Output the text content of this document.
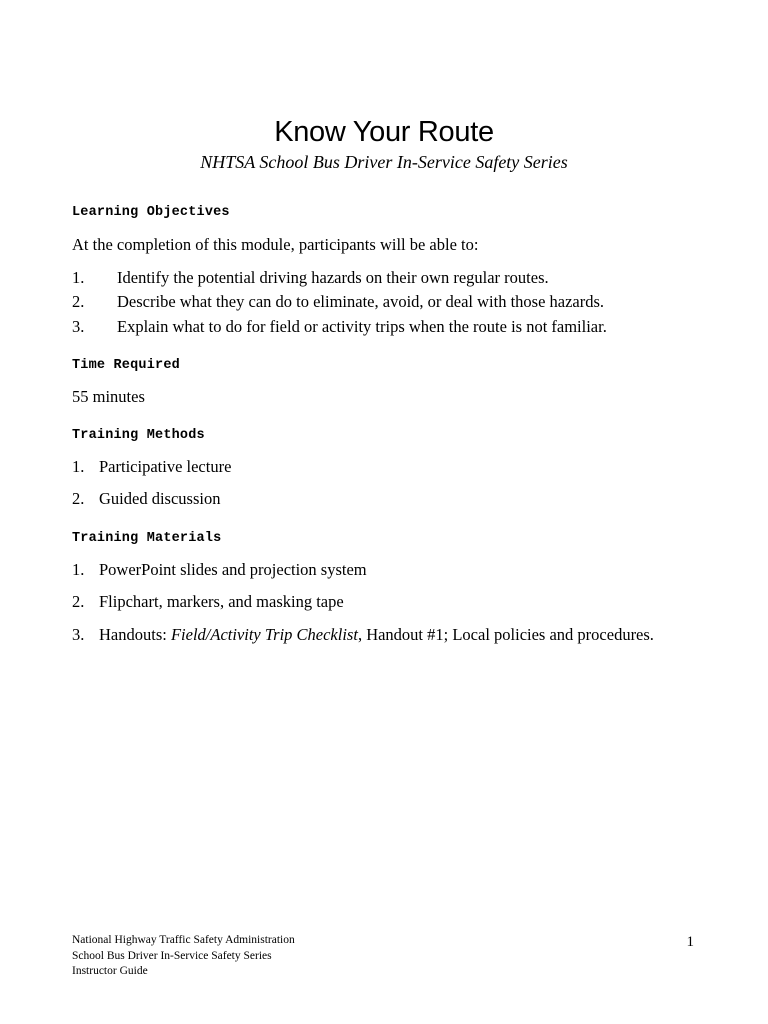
Know Your Route
NHTSA School Bus Driver In-Service Safety Series
Learning Objectives
At the completion of this module, participants will be able to:
1. Identify the potential driving hazards on their own regular routes.
2. Describe what they can do to eliminate, avoid, or deal with those hazards.
3. Explain what to do for field or activity trips when the route is not familiar.
Time Required
55 minutes
Training Methods
1. Participative lecture
2. Guided discussion
Training Materials
1. PowerPoint slides and projection system
2. Flipchart, markers, and masking tape
3. Handouts: Field/Activity Trip Checklist, Handout #1; Local policies and procedures.
National Highway Traffic Safety Administration
School Bus Driver In-Service Safety Series
Instructor Guide
1
